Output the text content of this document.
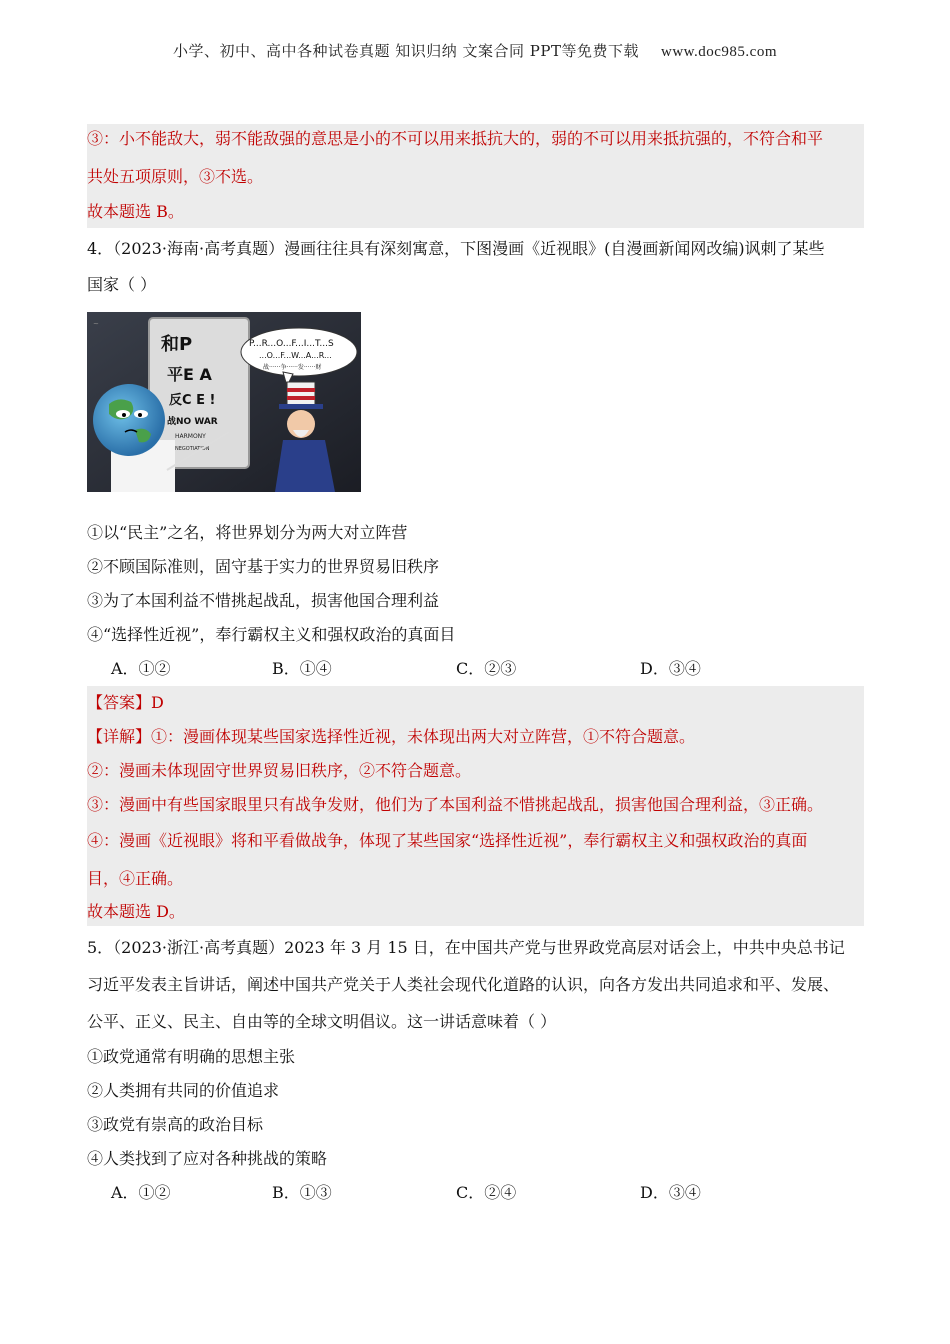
小学、初中、高中各种试卷真题 知识归纳 文案合同 PPT等免费下载 www.doc985.com
③：小不能敌大，弱不能敌强的意思是小的不可以用来抵抗大的，弱的不可以用来抵抗强的，不符合和平
共处五项原则，③不选。
故本题选 B。
4．（2023·海南·高考真题）漫画往往具有深刻寓意，下图漫画《近视眼》(自漫画新闻网改编)讽刺了某些
国家（ ）
和P
平E A
反C E !
战NO WAR
HARMONY
NEGOTIATION
P...R...O...F...I...T...S
...O...F...W...A...R...
战······争······发······财
~
①以“民主”之名，将世界划分为两大对立阵营
②不顾国际准则，固守基于实力的世界贸易旧秩序
③为了本国利益不惜挑起战乱，损害他国合理利益
④“选择性近视”，奉行霸权主义和强权政治的真面目
A．①②	B．①④	C．②③	D．③④
【答案】D
【详解】①：漫画体现某些国家选择性近视，未体现出两大对立阵营，①不符合题意。
②：漫画未体现固守世界贸易旧秩序，②不符合题意。
③：漫画中有些国家眼里只有战争发财，他们为了本国利益不惜挑起战乱，损害他国合理利益，③正确。
④：漫画《近视眼》将和平看做战争，体现了某些国家“选择性近视”，奉行霸权主义和强权政治的真面
目，④正确。
故本题选 D。
5．（2023·浙江·高考真题）2023 年 3 月 15 日，在中国共产党与世界政党高层对话会上，中共中央总书记
习近平发表主旨讲话，阐述中国共产党关于人类社会现代化道路的认识，向各方发出共同追求和平、发展、
公平、正义、民主、自由等的全球文明倡议。这一讲话意味着（ ）
①政党通常有明确的思想主张
②人类拥有共同的价值追求
③政党有崇高的政治目标
④人类找到了应对各种挑战的策略
A．①②	B．①③	C．②④	D．③④
